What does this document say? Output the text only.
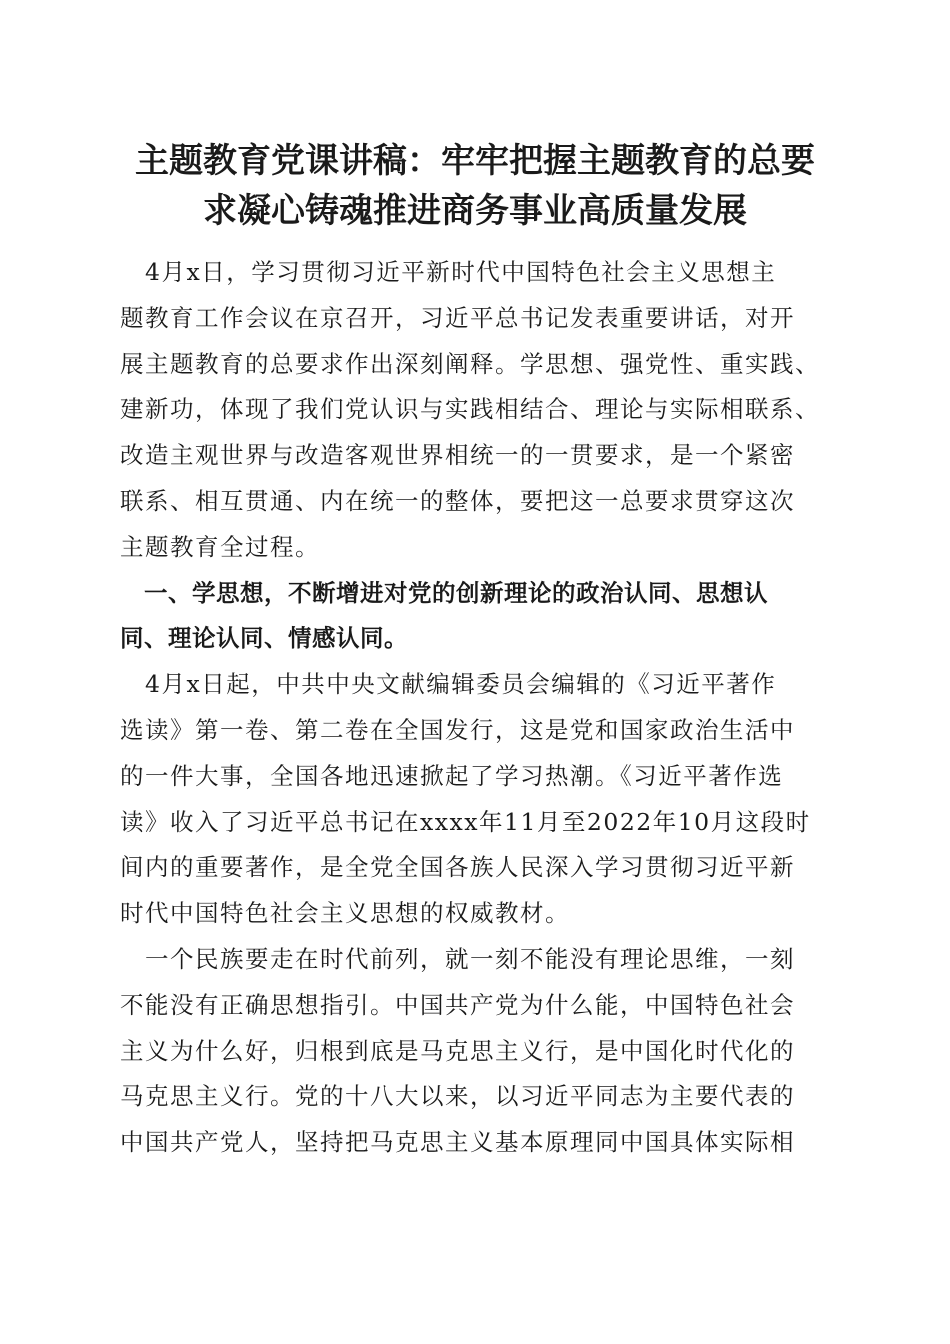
主题教育党课讲稿：牢牢把握主题教育的总要
求凝心铸魂推进商务事业高质量发展
　4月x日，学习贯彻习近平新时代中国特色社会主义思想主
题教育工作会议在京召开，习近平总书记发表重要讲话，对开
展主题教育的总要求作出深刻阐释。学思想、强党性、重实践、
建新功，体现了我们党认识与实践相结合、理论与实际相联系、
改造主观世界与改造客观世界相统一的一贯要求，是一个紧密
联系、相互贯通、内在统一的整体，要把这一总要求贯穿这次
主题教育全过程。
　一、学思想，不断增进对党的创新理论的政治认同、思想认
同、理论认同、情感认同。
　4月x日起，中共中央文献编辑委员会编辑的《习近平著作
选读》第一卷、第二卷在全国发行，这是党和国家政治生活中
的一件大事，全国各地迅速掀起了学习热潮。《习近平著作选
读》收入了习近平总书记在xxxx年11月至2022年10月这段时
间内的重要著作，是全党全国各族人民深入学习贯彻习近平新
时代中国特色社会主义思想的权威教材。
　一个民族要走在时代前列，就一刻不能没有理论思维，一刻
不能没有正确思想指引。中国共产党为什么能，中国特色社会
主义为什么好，归根到底是马克思主义行，是中国化时代化的
马克思主义行。党的十八大以来，以习近平同志为主要代表的
中国共产党人，坚持把马克思主义基本原理同中国具体实际相
